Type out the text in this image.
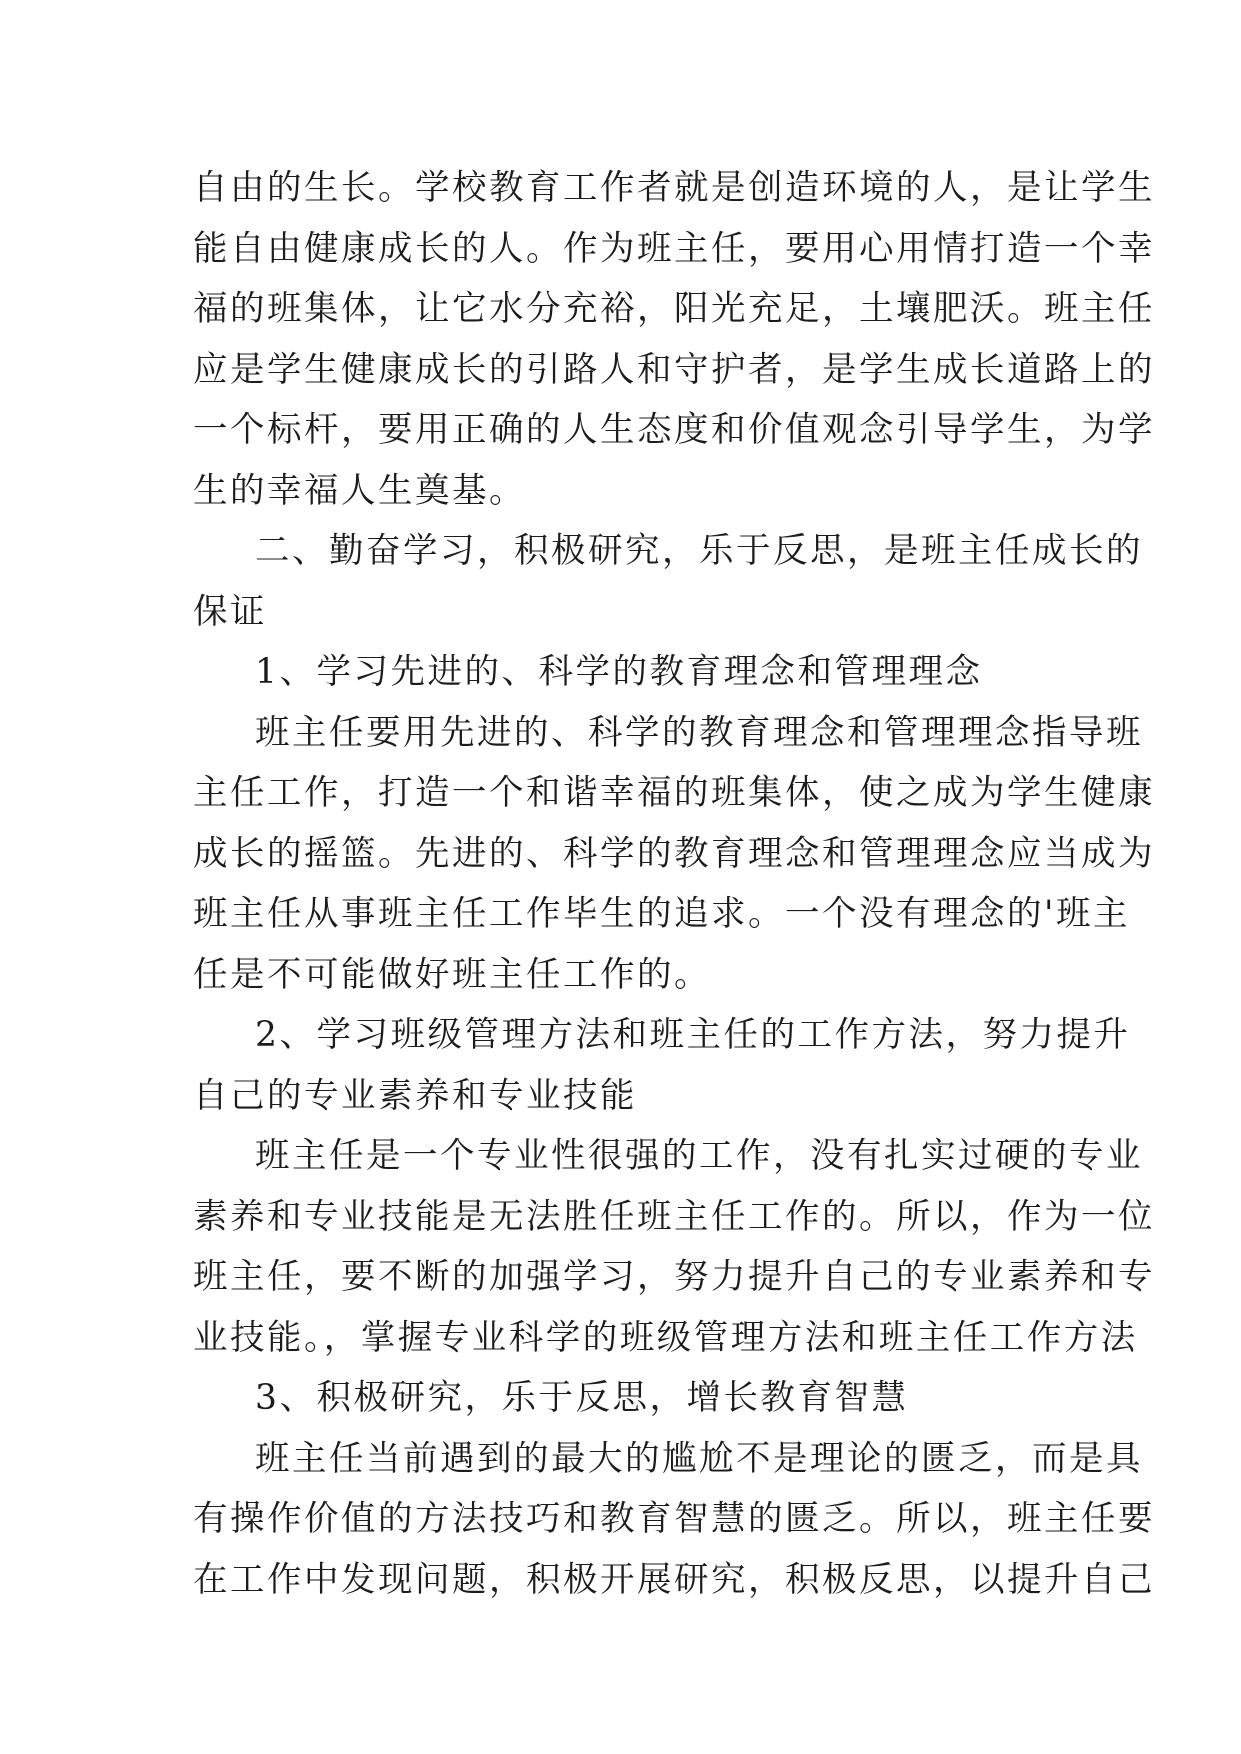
自由的生长。学校教育工作者就是创造环境的人，是让学生
能自由健康成长的人。作为班主任，要用心用情打造一个幸
福的班集体，让它水分充裕，阳光充足，土壤肥沃。班主任
应是学生健康成长的引路人和守护者，是学生成长道路上的
一个标杆，要用正确的人生态度和价值观念引导学生，为学
生的幸福人生奠基。
二、勤奋学习，积极研究，乐于反思，是班主任成长的
保证
1、学习先进的、科学的教育理念和管理理念
班主任要用先进的、科学的教育理念和管理理念指导班
主任工作，打造一个和谐幸福的班集体，使之成为学生健康
成长的摇篮。先进的、科学的教育理念和管理理念应当成为
班主任从事班主任工作毕生的追求。一个没有理念的'班主
任是不可能做好班主任工作的。
2、学习班级管理方法和班主任的工作方法，努力提升
自己的专业素养和专业技能
班主任是一个专业性很强的工作，没有扎实过硬的专业
素养和专业技能是无法胜任班主任工作的。所以，作为一位
班主任，要不断的加强学习，努力提升自己的专业素养和专
业技能。，掌握专业科学的班级管理方法和班主任工作方法
3、积极研究，乐于反思，增长教育智慧
班主任当前遇到的最大的尴尬不是理论的匮乏，而是具
有操作价值的方法技巧和教育智慧的匮乏。所以，班主任要
在工作中发现问题，积极开展研究，积极反思，以提升自己
